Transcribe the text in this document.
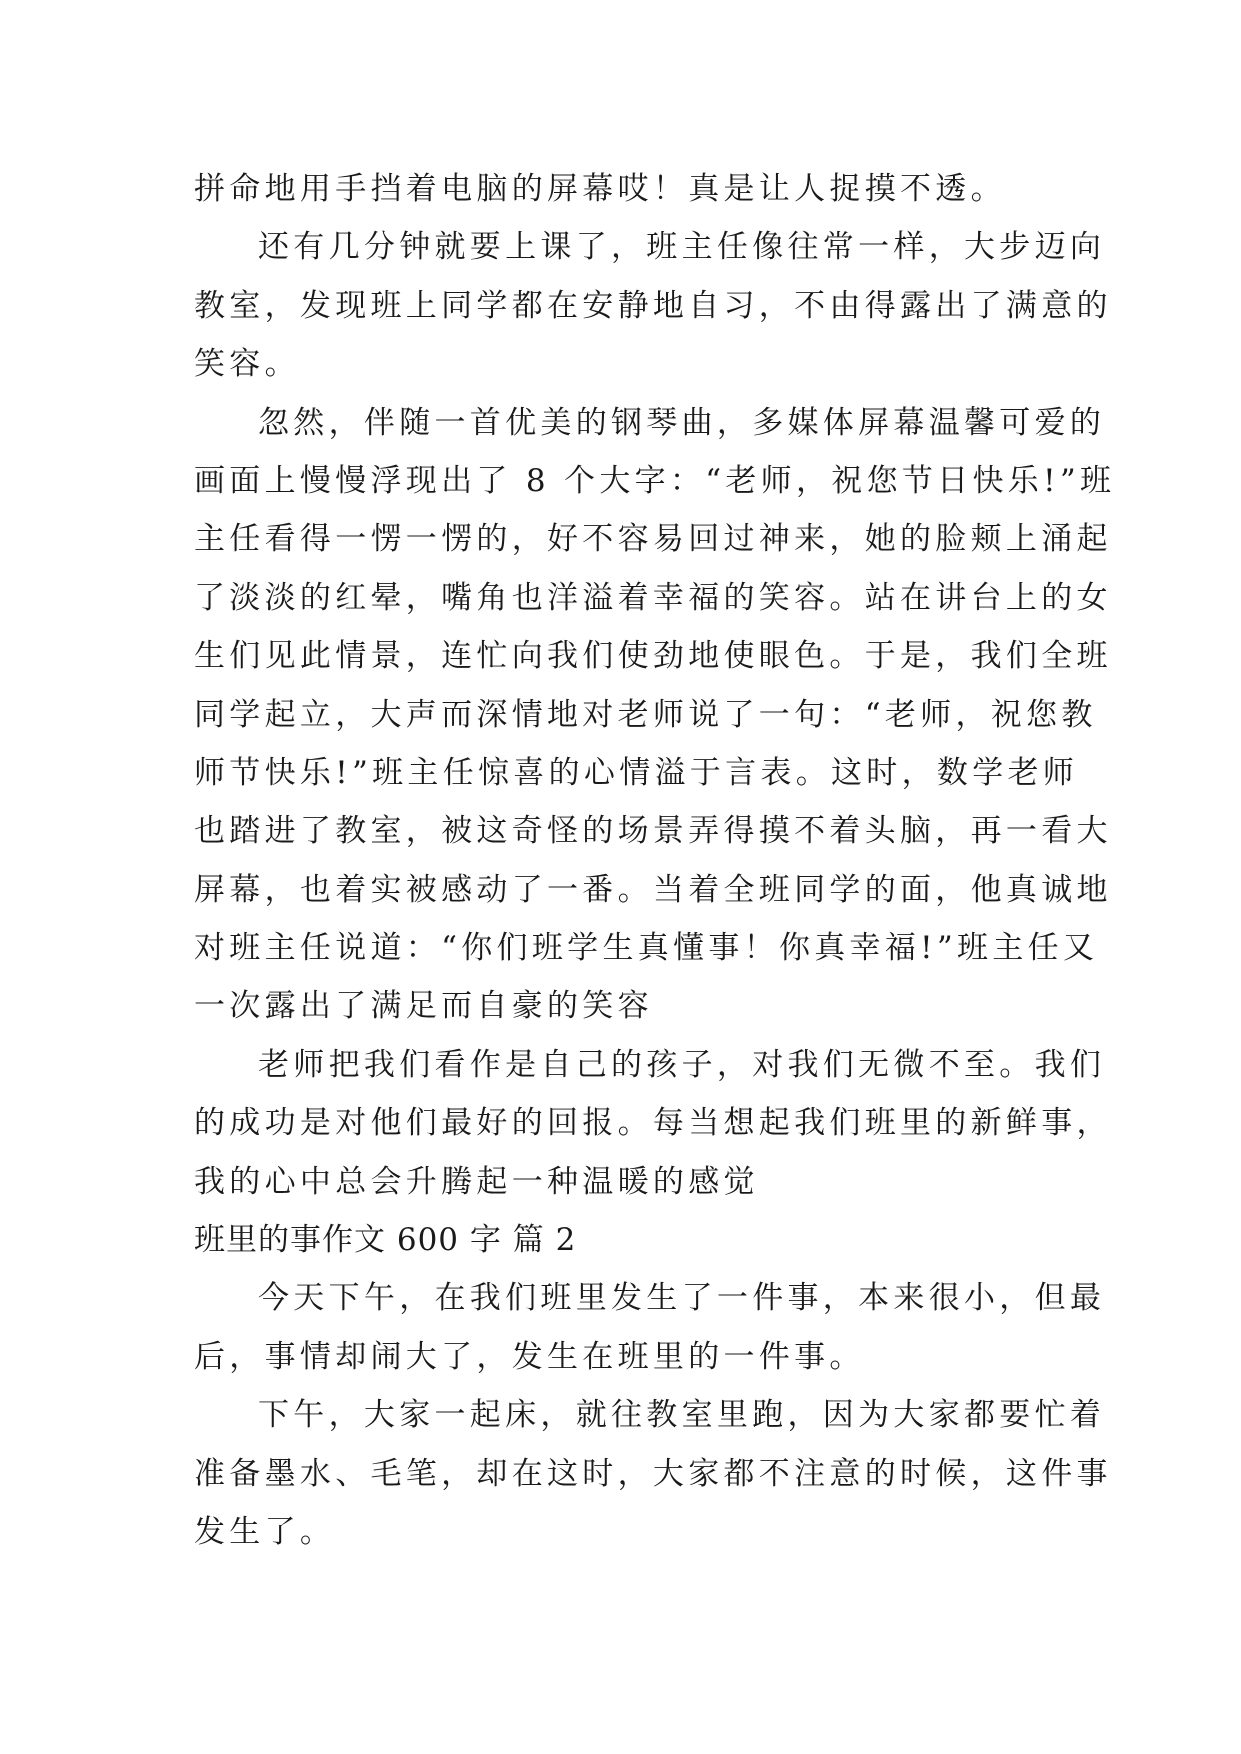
拼命地用手挡着电脑的屏幕哎！真是让人捉摸不透。
还有几分钟就要上课了，班主任像往常一样，大步迈向
教室，发现班上同学都在安静地自习，不由得露出了满意的
笑容。
忽然，伴随一首优美的钢琴曲，多媒体屏幕温馨可爱的
画面上慢慢浮现出了 8 个大字：“老师，祝您节日快乐!”班
主任看得一愣一愣的，好不容易回过神来，她的脸颊上涌起
了淡淡的红晕，嘴角也洋溢着幸福的笑容。站在讲台上的女
生们见此情景，连忙向我们使劲地使眼色。于是，我们全班
同学起立，大声而深情地对老师说了一句：“老师，祝您教
师节快乐!”班主任惊喜的心情溢于言表。这时，数学老师
也踏进了教室，被这奇怪的场景弄得摸不着头脑，再一看大
屏幕，也着实被感动了一番。当着全班同学的面，他真诚地
对班主任说道：“你们班学生真懂事！你真幸福!”班主任又
一次露出了满足而自豪的笑容
老师把我们看作是自己的孩子，对我们无微不至。我们
的成功是对他们最好的回报。每当想起我们班里的新鲜事，
我的心中总会升腾起一种温暖的感觉
班里的事作文 600 字 篇 2
今天下午，在我们班里发生了一件事，本来很小，但最
后，事情却闹大了，发生在班里的一件事。
下午，大家一起床，就往教室里跑，因为大家都要忙着
准备墨水、毛笔，却在这时，大家都不注意的时候，这件事
发生了。
